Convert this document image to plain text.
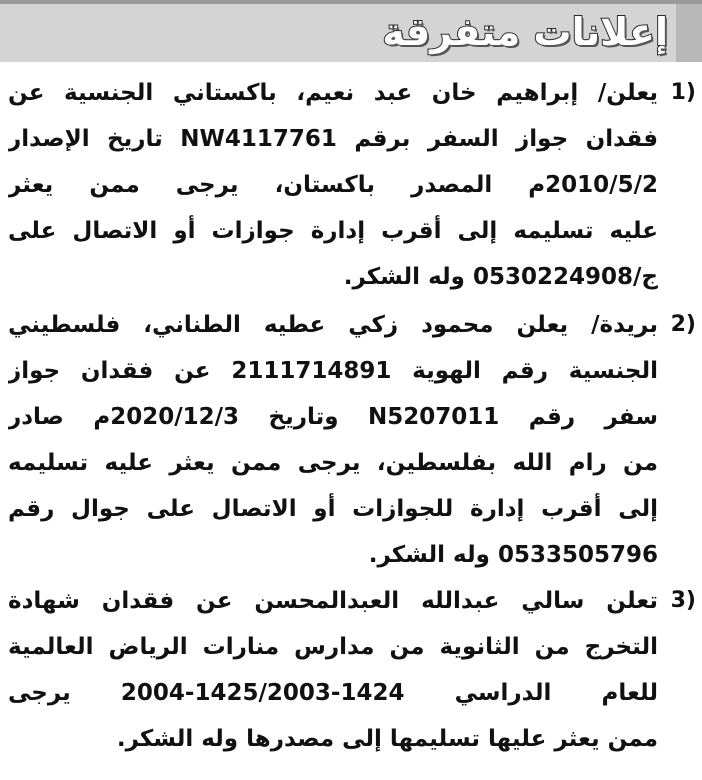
إعلانات متفرقة
1)
يعلن/ إبراهيم خان عبد نعيم، باكستاني الجنسية عن
فقدان جواز السفر برقم NW4117761 تاريخ الإصدار
2010/5/2م المصدر باكستان، يرجى ممن يعثر
عليه تسليمه إلى أقرب إدارة جوازات أو الاتصال على
ج/0530224908 وله الشكر.
2)
بريدة/ يعلن محمود زكي عطيه الطناني، فلسطيني
الجنسية رقم الهوية 2111714891 عن فقدان جواز
سفر رقم N5207011 وتاريخ 2020/12/3م صادر
من رام الله بفلسطين، يرجى ممن يعثر عليه تسليمه
إلى أقرب إدارة للجوازات أو الاتصال على جوال رقم
0533505796 وله الشكر.
3)
تعلن سالي عبدالله العبدالمحسن عن فقدان شهادة
التخرج من الثانوية من مدارس منارات الرياض العالمية
للعام الدراسي 1424-1425/2003-2004 يرجى
ممن يعثر عليها تسليمها إلى مصدرها وله الشكر.
